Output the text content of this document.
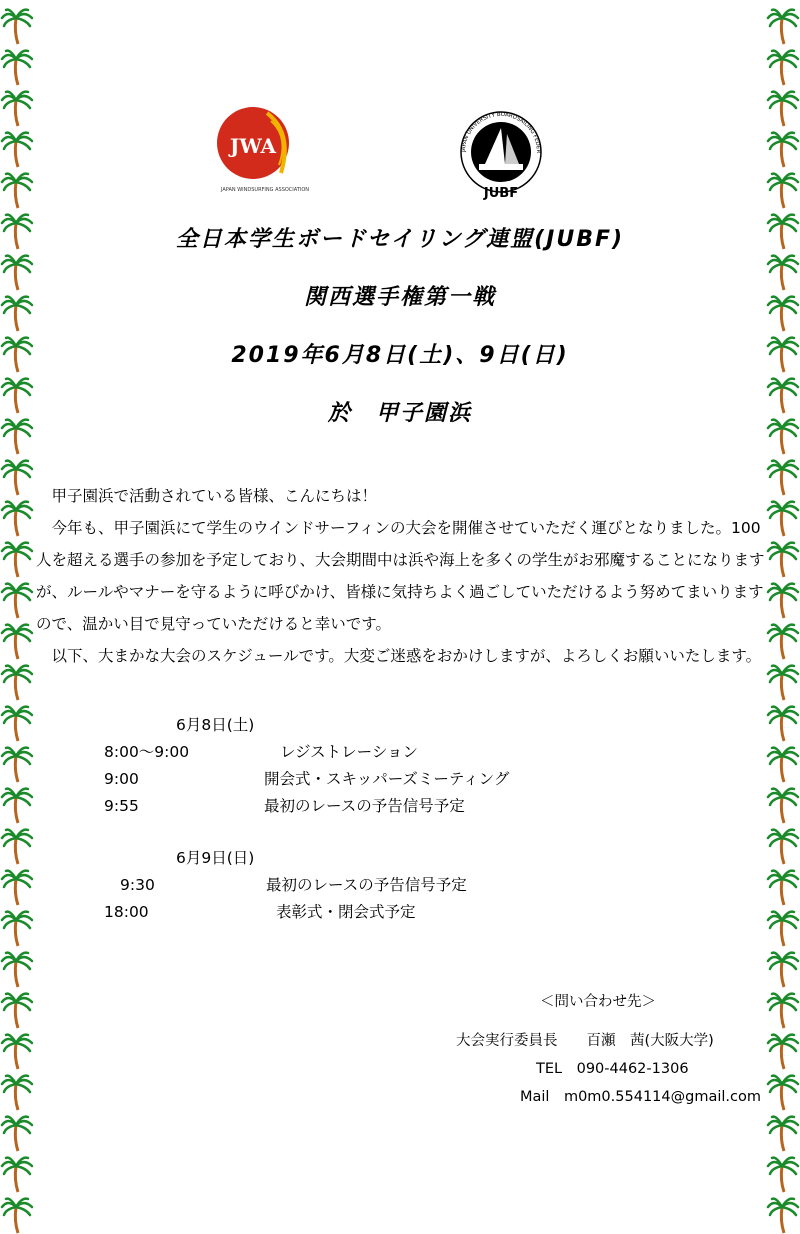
JWA
JAPAN WINDSURFING ASSOCIATION
JAPAN UNIVERSITY BOARDSAILING FEDER
JUBF
全日本学生ボードセイリング連盟(JUBF)
関西選手権第一戦
2019年6月8日(土)、9日(日)
於　甲子園浜

甲子園浜で活動されている皆様、こんにちは！

今年も、甲子園浜にて学生のウインドサーフィンの大会を開催させていただく運びとなりました。100　人を超える選手の参加を予定しており、大会期間中は浜や海上を多くの学生がお邪魔することになりますが、ルールやマナーを守るように呼びかけ、皆様に気持ちよく過ごしていただけるよう努めてまいりますので、温かい目で見守っていただけると幸いです。

以下、大まかな大会のスケジュールです。大変ご迷惑をおかけしますが、よろしくお願いいたします。

6月8日(土)
8:00～9:00	レジストレーション
9:00	開会式・スキッパーズミーティング
9:55	最初のレースの予告信号予定
6月9日(日)
9:30	最初のレースの予告信号予定
18:00	表彰式・閉会式予定
＜問い合わせ先＞
大会実行委員長　　百瀬　茜(大阪大学)
TEL　090-4462-1306
Mail　m0m0.554114@gmail.com
